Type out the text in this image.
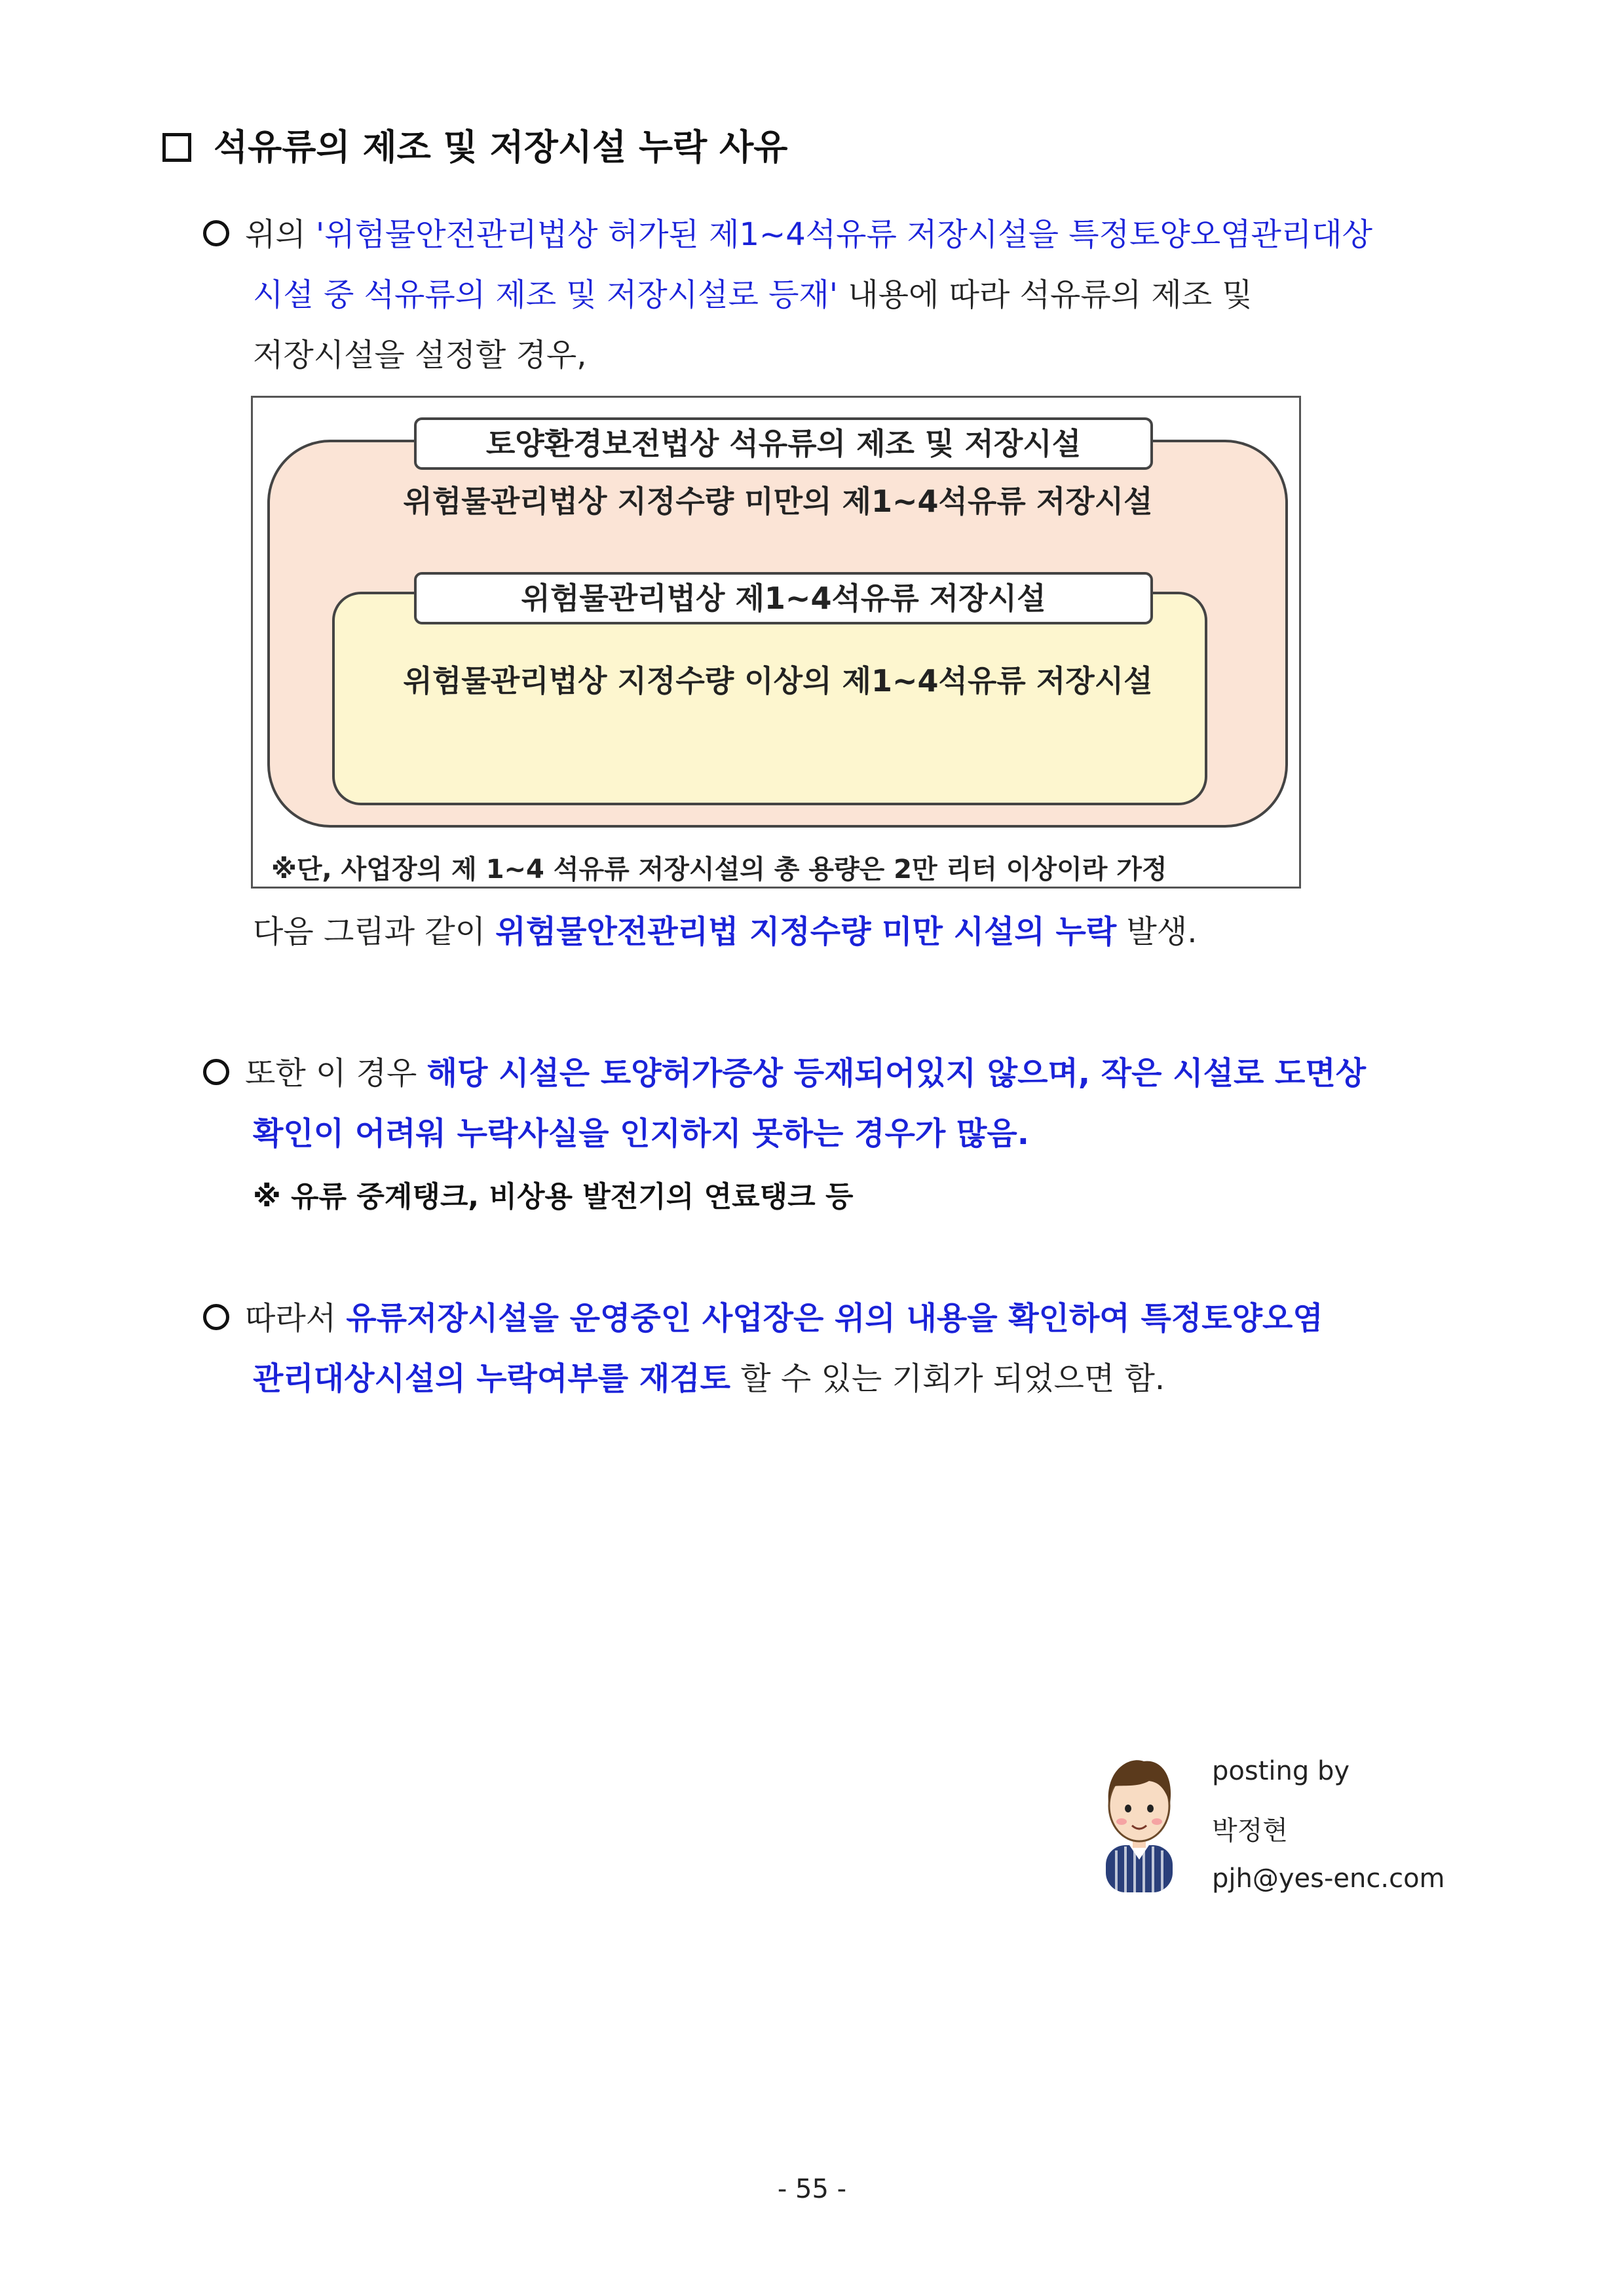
석유류의 제조 및 저장시설 누락 사유
위의 '위험물안전관리법상 허가된 제1~4석유류 저장시설을 특정토양오염관리대상
시설 중 석유류의 제조 및 저장시설로 등재' 내용에 따라 석유류의 제조 및
저장시설을 설정할 경우,
토양환경보전법상 석유류의 제조 및 저장시설
위험물관리법상 지정수량 미만의 제1~4석유류 저장시설
위험물관리법상 제1~4석유류 저장시설
위험물관리법상 지정수량 이상의 제1~4석유류 저장시설
※단, 사업장의 제 1~4 석유류 저장시설의 총 용량은 2만 리터 이상이라 가정
다음 그림과 같이 위험물안전관리법 지정수량 미만 시설의 누락 발생.
또한 이 경우 해당 시설은 토양허가증상 등재되어있지 않으며, 작은 시설로 도면상
확인이 어려워 누락사실을 인지하지 못하는 경우가 많음.
※ 유류 중계탱크, 비상용 발전기의 연료탱크 등
따라서 유류저장시설을 운영중인 사업장은 위의 내용을 확인하여 특정토양오염
관리대상시설의 누락여부를 재검토 할 수 있는 기회가 되었으면 함.
posting by
박정현
pjh@yes-enc.com
- 55 -
